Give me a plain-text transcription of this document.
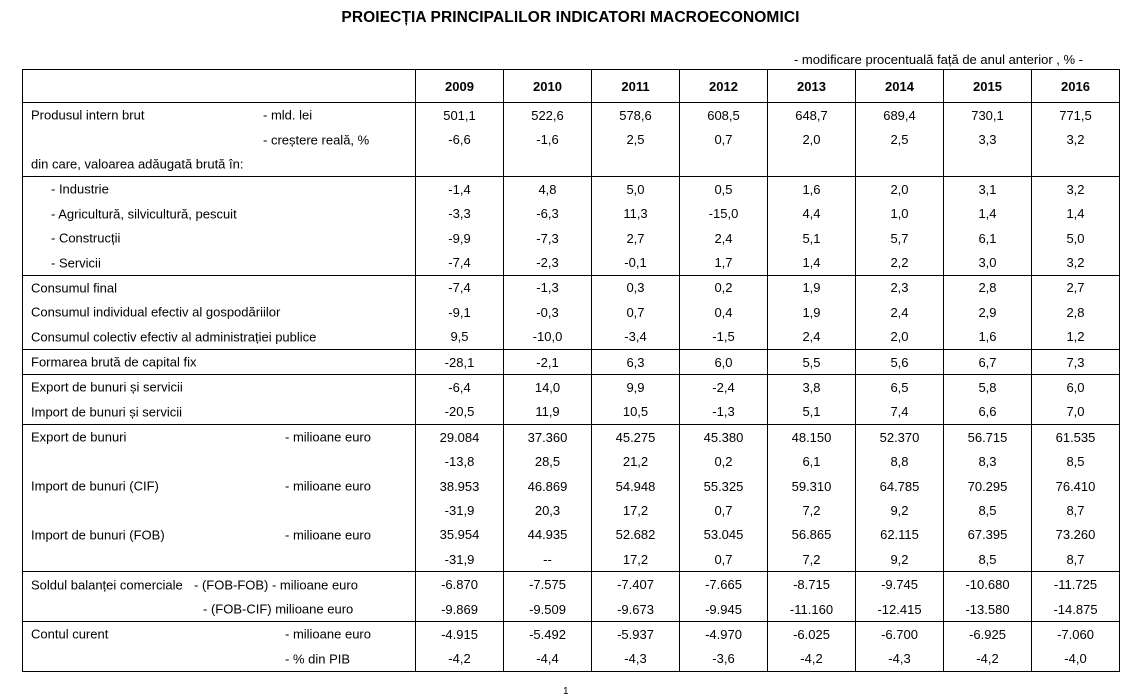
PROIECȚIA PRINCIPALILOR INDICATORI MACROECONOMICI
- modificare procentuală față de anul anterior , % -
	2009	2010	2011	2012	2013	2014	2015	2016

Produsul intern brut - mld. lei	501,1	522,6	578,6	608,5	648,7	689,4	730,1	771,5

- creștere reală, %	-6,6	-1,6	2,5	0,7	2,0	2,5	3,3	3,2

din care, valoarea adăugată brută în:								

- Industrie	-1,4	4,8	5,0	0,5	1,6	2,0	3,1	3,2

- Agricultură, silvicultură, pescuit	-3,3	-6,3	11,3	-15,0	4,4	1,0	1,4	1,4

- Construcții	-9,9	-7,3	2,7	2,4	5,1	5,7	6,1	5,0

- Servicii	-7,4	-2,3	-0,1	1,7	1,4	2,2	3,0	3,2

Consumul final	-7,4	-1,3	0,3	0,2	1,9	2,3	2,8	2,7

Consumul individual efectiv al gospodăriilor	-9,1	-0,3	0,7	0,4	1,9	2,4	2,9	2,8

Consumul colectiv efectiv al administrației publice	9,5	-10,0	-3,4	-1,5	2,4	2,0	1,6	1,2

Formarea brută de capital fix	-28,1	-2,1	6,3	6,0	5,5	5,6	6,7	7,3

Export de bunuri și servicii	-6,4	14,0	9,9	-2,4	3,8	6,5	5,8	6,0

Import de bunuri și servicii	-20,5	11,9	10,5	-1,3	5,1	7,4	6,6	7,0

Export de bunuri - milioane euro	29.084	37.360	45.275	45.380	48.150	52.370	56.715	61.535
	-13,8	28,5	21,2	0,2	6,1	8,8	8,3	8,5

Import de bunuri (CIF) - milioane euro	38.953	46.869	54.948	55.325	59.310	64.785	70.295	76.410
	-31,9	20,3	17,2	0,7	7,2	9,2	8,5	8,7

Import de bunuri (FOB) - milioane euro	35.954	44.935	52.682	53.045	56.865	62.115	67.395	73.260
	-31,9	--	17,2	0,7	7,2	9,2	8,5	8,7

Soldul balanței comerciale - (FOB-FOB) - milioane euro	-6.870	-7.575	-7.407	-7.665	-8.715	-9.745	-10.680	-11.725

- (FOB-CIF) milioane euro	-9.869	-9.509	-9.673	-9.945	-11.160	-12.415	-13.580	-14.875

Contul curent - milioane euro	-4.915	-5.492	-5.937	-4.970	-6.025	-6.700	-6.925	-7.060

- % din PIB	-4,2	-4,4	-4,3	-3,6	-4,2	-4,3	-4,2	-4,0
1
